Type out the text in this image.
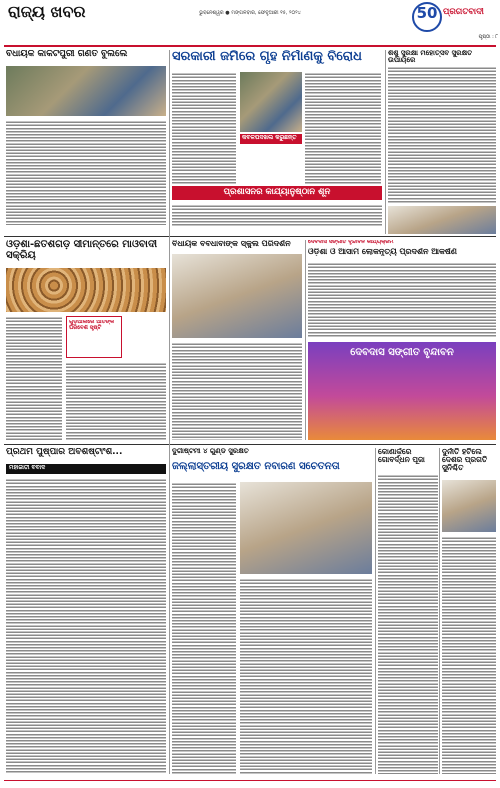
ରାଜ୍ୟ ଖବର	ଭୁବନେଶ୍ୱର ● ମଙ୍ଗଳବାର, ଫେବୃଆରୀ ୧୫, ୨୦୨୪	50 ପ୍ରଗତିବାଦୀ
ପୃଷ୍ଠା : ୮
ବିଧାୟକ କାକଟପୁରୀ ଗଣତ ବୁଲିଲେ	ସରକାରୀ ଜମିରେ ଗୃହ ନିର୍ମାଣକୁ ବିରୋଧ
କବଳପଦଖଲ କରୁଛନ୍ତି
ପ୍ରଶାସନର କାର୍ଯ୍ୟାନୁଷ୍ଠାନ ଶୂନ
ଶିଶୁ ସୁରକ୍ଷା ମହୋତ୍ସବ ସୁରକ୍ଷିତ ଉପାୟରେ
ଓଡ଼ିଶା-ଛତିଶଗଡ଼ ସୀମାନ୍ତରେ ମାଓବାଦୀ ସକ୍ରିୟ
ଗୁଡ଼ିଆଲିରେ ଆତଙ୍କ ପରିବେଶ ସୃଷ୍ଟି
ବିଧାୟକ ବବଧାବାଙ୍କ ସ୍କୁଲ ପରିଦର୍ଶନ	ଦେବଦାସ ସଙ୍ଗୀତ ବୃନ୍ଦାବନ କାର୍ଯ୍ୟକ୍ରମ
ଓଡ଼ିଶା ଓ ଆସାମ ଲୋକନୃତ୍ୟ ପ୍ରଦର୍ଶନ ଆକର୍ଷଣ
ଦେବଦାସ ସଙ୍ଗୀତ ବୃନ୍ଦାବନ
ପ୍ରଥମ ପୁଷ୍ପାର ଅବଶିଷ୍ଟାଂଶ...
ମହାଜାତୀ ବିବାଦ
ଦୁର୍ଗାଷ୍ଟମୀ ୪ ଗୁଣ୍ଡ ସୁରକ୍ଷିତ
ଜିଲ୍ଲାସ୍ତରୀୟ ସୁରକ୍ଷିତ ନିବାରଣ ସଚେତନତା
କୋଣାର୍କରେ ଗୋବର୍ଦ୍ଧନ ପୂଜା
ଦୁର୍ନୀତି ହଟିଲେ ଦେଶର ପ୍ରଗତି ସୁନିଶ୍ଚିତ
